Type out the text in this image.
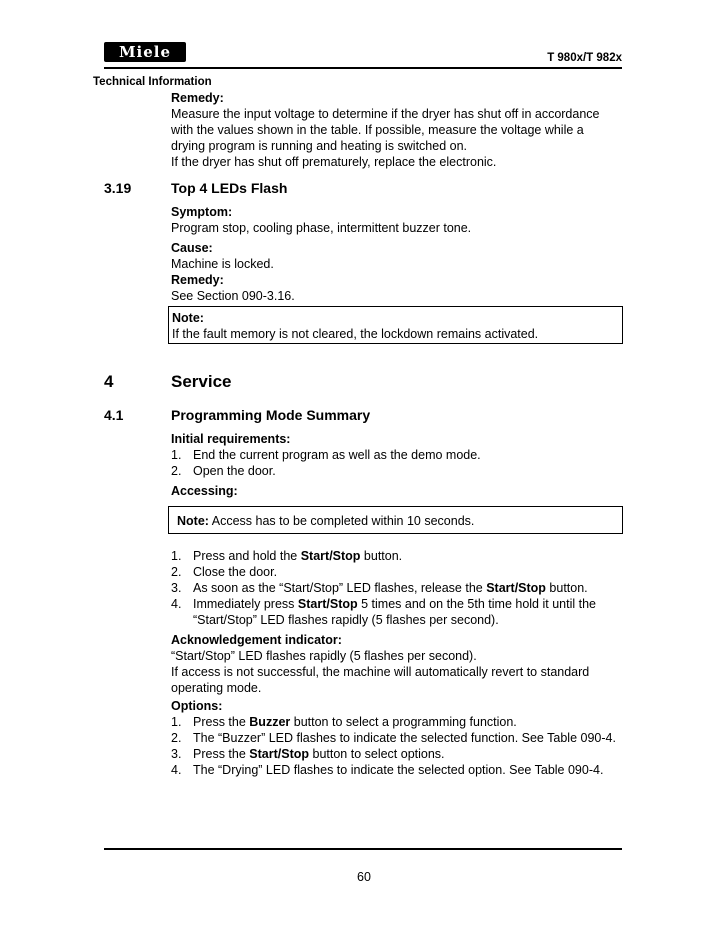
Miele	T 980x/T 982x
Technical Information
Remedy:
Measure the input voltage to determine if the dryer has shut off in accordance
with the values shown in the table. If possible, measure the voltage while a
drying program is running and heating is switched on.
If the dryer has shut off prematurely, replace the electronic.
3.19	Top 4 LEDs Flash
Symptom:
Program stop, cooling phase, intermittent buzzer tone.
Cause:
Machine is locked.
Remedy:
See Section 090-3.16.
Note:
If the fault memory is not cleared, the lockdown remains activated.
4	Service
4.1	Programming Mode Summary
Initial requirements:
1. End the current program as well as the demo mode.
2. Open the door.
Accessing:
Note: Access has to be completed within 10 seconds.
1. Press and hold the Start/Stop button.
2. Close the door.
3. As soon as the “Start/Stop” LED flashes, release the Start/Stop button.
4. Immediately press Start/Stop 5 times and on the 5th time hold it until the
“Start/Stop” LED flashes rapidly (5 flashes per second).
Acknowledgement indicator:
“Start/Stop” LED flashes rapidly (5 flashes per second).
If access is not successful, the machine will automatically revert to standard
operating mode.
Options:
1. Press the Buzzer button to select a programming function.
2. The “Buzzer” LED flashes to indicate the selected function. See Table 090-4.
3. Press the Start/Stop button to select options.
4. The “Drying” LED flashes to indicate the selected option. See Table 090-4.
60
